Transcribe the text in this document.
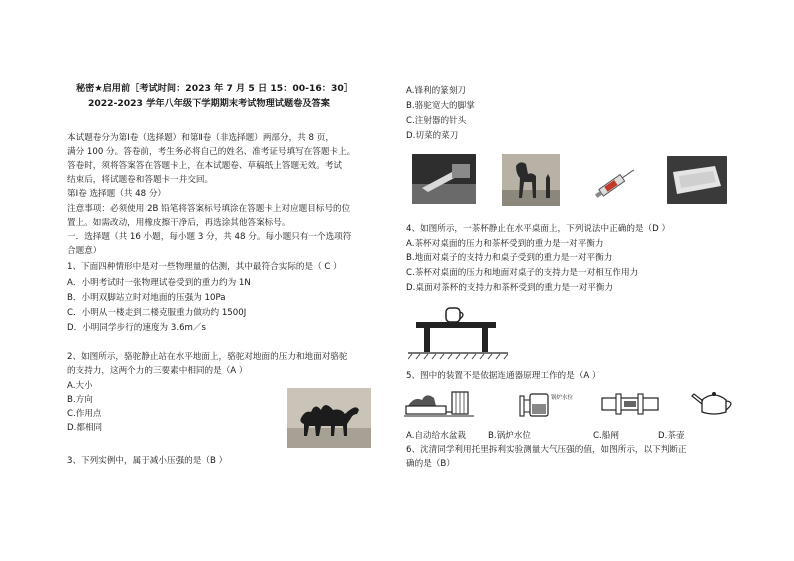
秘密★启用前［考试时间：2023 年 7 月 5 日 15：00-16：30］
2022-2023 学年八年级下学期期末考试物理试题卷及答案
本试题卷分为第Ⅰ卷（选择题）和第Ⅱ卷（非选择题）两部分，共 8 页，
满分 100 分。答卷前，考生务必将自己的姓名、准考证号填写在答题卡上。
答卷时，须将答案答在答题卡上，在本试题卷、草稿纸上答题无效。考试
结束后，将试题卷和答题卡一并交回。
第Ⅰ卷 选择题（共 48 分）
注意事项：必须使用 2B 铅笔将答案标号填涂在答题卡上对应题目标号的位
置上。如需改动，用橡皮擦干净后，再选涂其他答案标号。
一．选择题（共 16 小题，每小题 3 分，共 48 分。每小题只有一个选项符
合题意）
1、下面四种情形中是对一些物理量的估测，其中最符合实际的是（ C ）
A．小明考试时一张物理试卷受到的重力约为 1N
B．小明双脚站立时对地面的压强为 10Pa
C．小明从一楼走到二楼克服重力做功约 1500J
D．小明同学步行的速度为 3.6m／s
2、如图所示，骆驼静止站在水平地面上，骆驼对地面的压力和地面对骆驼
的支持力，这两个力的三要素中相同的是（A ）
A.大小
B.方向
C.作用点
D.都相同
3、下列实例中，属于减小压强的是（B ）
A.锋利的篆刻刀
B.骆驼宽大的脚掌
C.注射器的针头
D.切菜的菜刀
4、如图所示，一茶杯静止在水平桌面上，下列说法中正确的是（D ）
A.茶杯对桌面的压力和茶杯受到的重力是一对平衡力
B.地面对桌子的支持力和桌子受到的重力是一对平衡力
C.茶杯对桌面的压力和地面对桌子的支持力是一对相互作用力
D.桌面对茶杯的支持力和茶杯受到的重力是一对平衡力
5、图中的装置不是依据连通器原理工作的是（A ）
锅炉水位
A.自动给水盆栽	B.锅炉水位	C.船闸	D.茶壶
6、沈清同学利用托里拆利实验测量大气压强的值，如图所示，以下判断正
确的是（B）
